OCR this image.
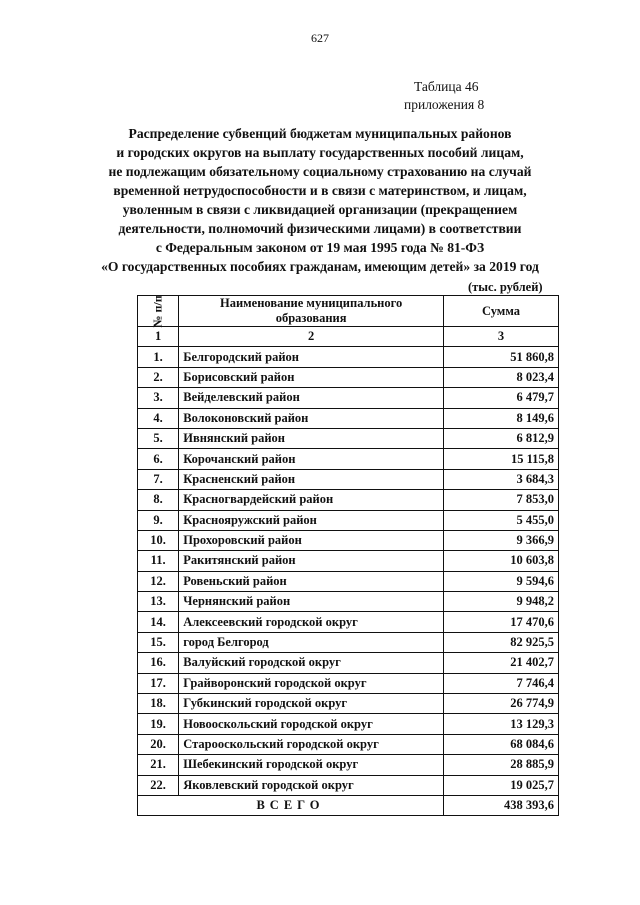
627
Таблица 46
приложения 8
Распределение субвенций бюджетам муниципальных районов
и городских округов на выплату государственных пособий лицам,
не подлежащим обязательному социальному страхованию на случай
временной нетрудоспособности и в связи с материнством, и лицам,
уволенным в связи с ликвидацией организации (прекращением
деятельности, полномочий физическими лицами) в соответствии
с Федеральным законом от 19 мая 1995 года № 81-ФЗ
«О государственных пособиях гражданам, имеющим детей» за 2019 год
(тыс. рублей)
№ п/п	Наименование муниципального образования	Сумма
1	2	3
1.	Белгородский район	51 860,8
2.	Борисовский район	8 023,4
3.	Вейделевский район	6 479,7
4.	Волоконовский район	8 149,6
5.	Ивнянский район	6 812,9
6.	Корочанский район	15 115,8
7.	Красненский район	3 684,3
8.	Красногвардейский район	7 853,0
9.	Краснояружский район	5 455,0
10.	Прохоровский район	9 366,9
11.	Ракитянский район	10 603,8
12.	Ровеньский район	9 594,6
13.	Чернянский район	9 948,2
14.	Алексеевский городской округ	17 470,6
15.	город Белгород	82 925,5
16.	Валуйский городской округ	21 402,7
17.	Грайворонский городской округ	7 746,4
18.	Губкинский городской округ	26 774,9
19.	Новооскольский городской округ	13 129,3
20.	Старооскольский городской округ	68 084,6
21.	Шебекинский городской округ	28 885,9
22.	Яковлевский городской округ	19 025,7
ВСЕГО		438 393,6
